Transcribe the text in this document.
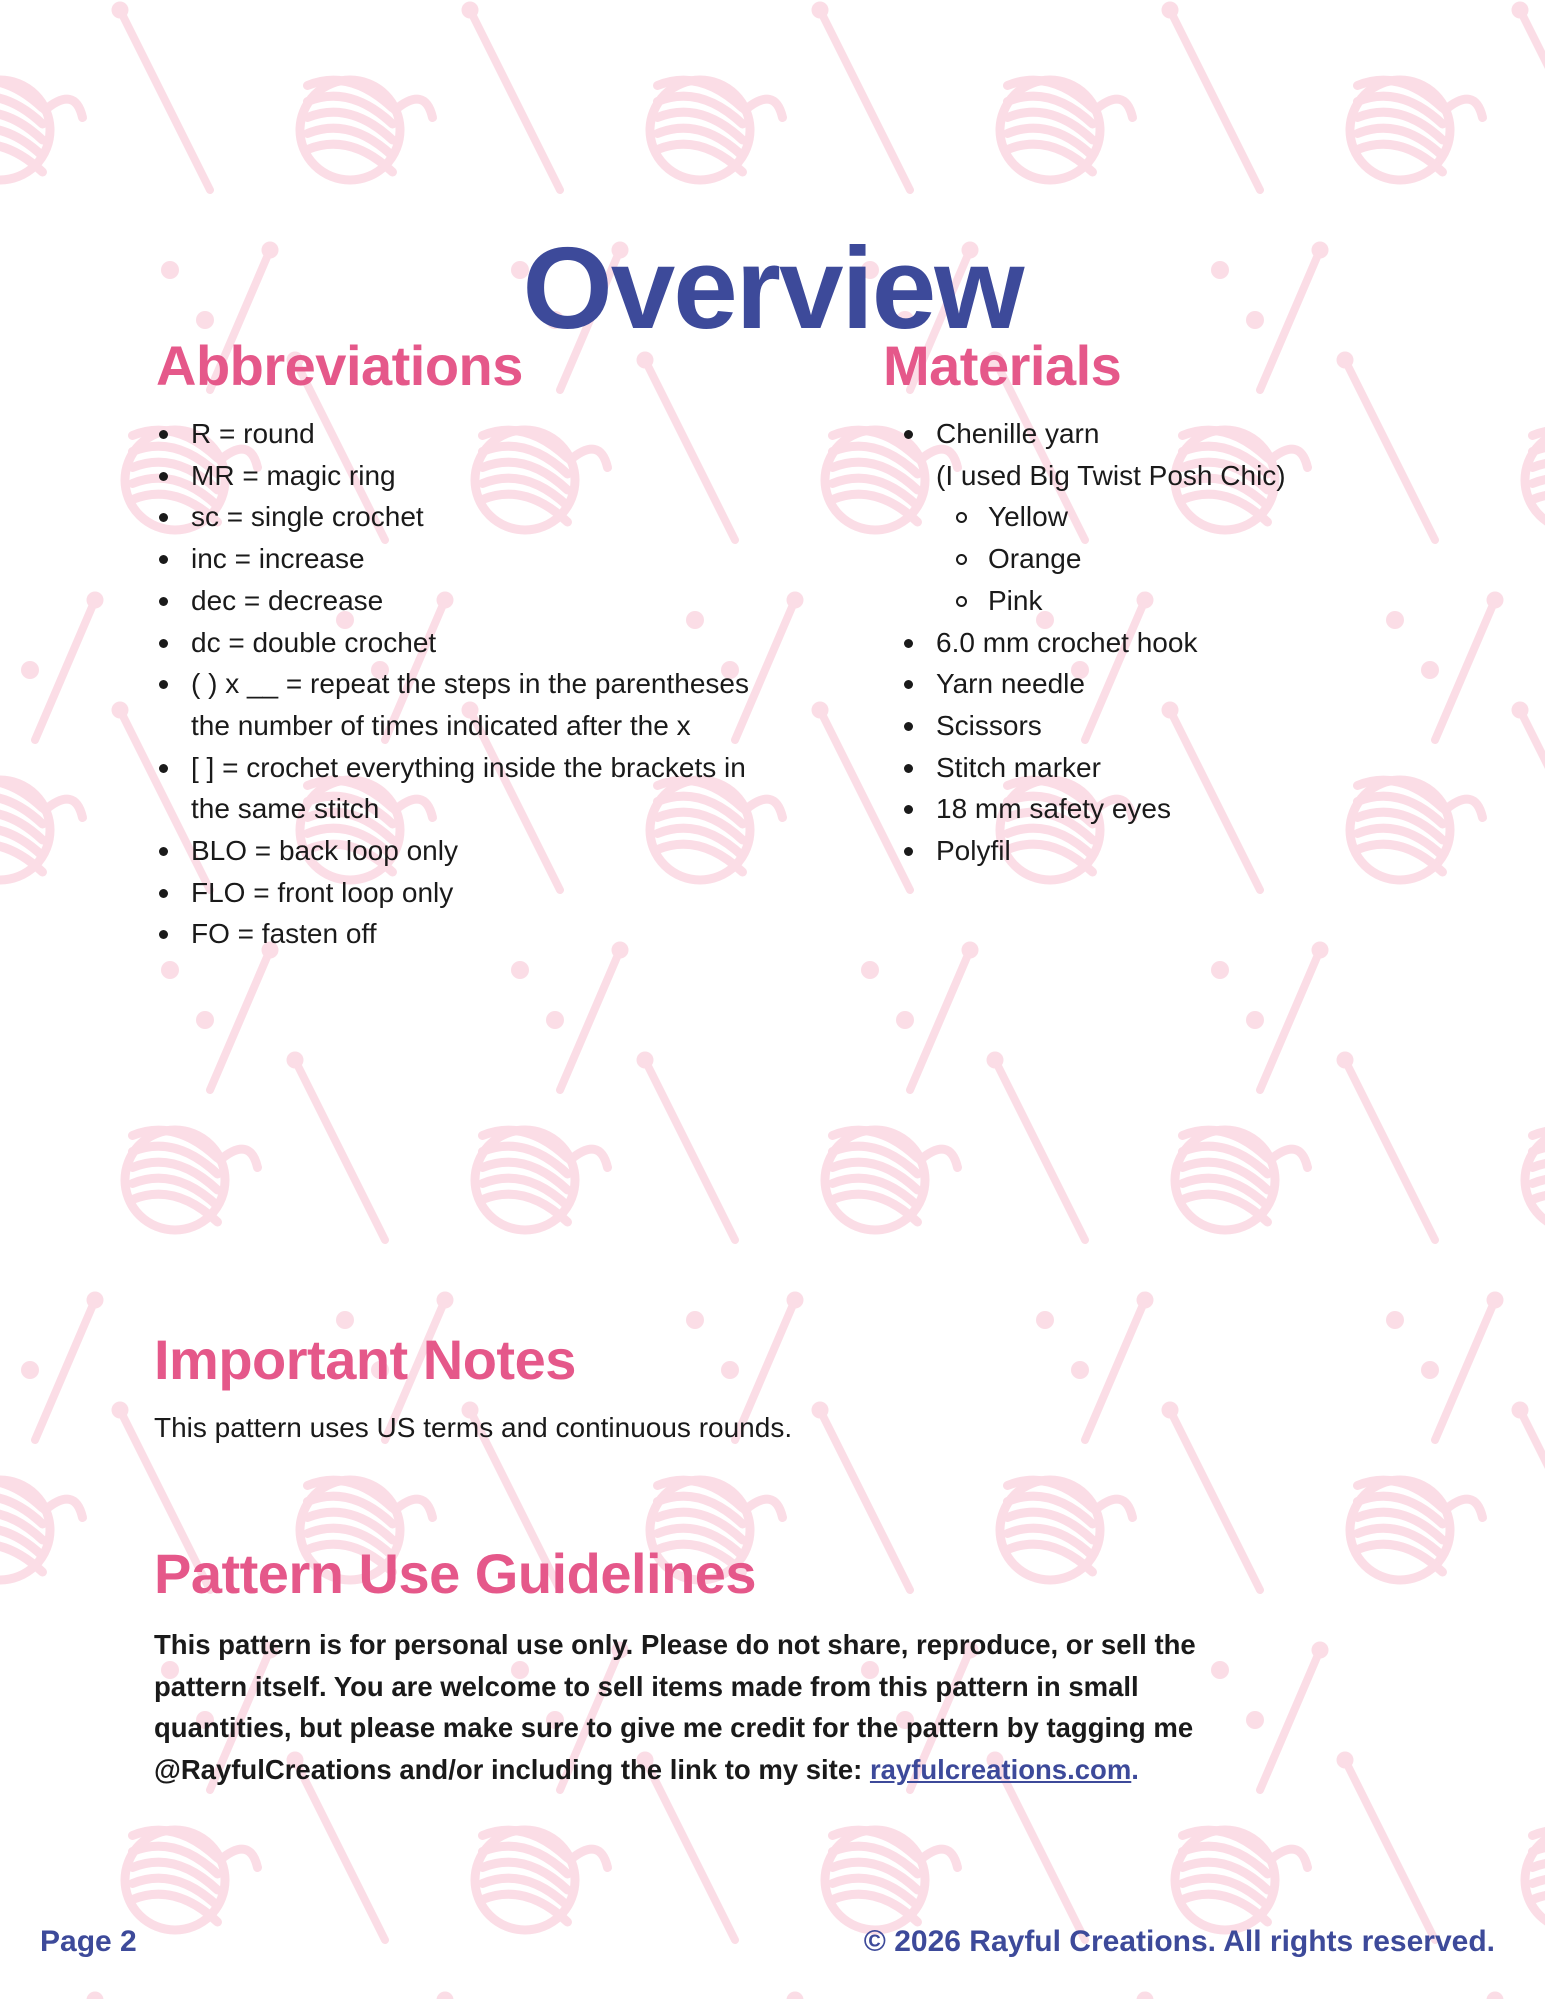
Overview
Abbreviations
R = round
MR = magic ring
sc = single crochet
inc = increase
dec = decrease
dc = double crochet
( ) x __ = repeat the steps in the parentheses
the number of times indicated after the x
[ ] = crochet everything inside the brackets in
the same stitch
BLO = back loop only
FLO = front loop only
FO = fasten off
Materials
Chenille yarn
(I used Big Twist Posh Chic)
Yellow
Orange
Pink
6.0 mm crochet hook
Yarn needle
Scissors
Stitch marker
18 mm safety eyes
Polyfil
Important Notes

This pattern uses US terms and continuous rounds.

Pattern Use Guidelines

This pattern is for personal use only. Please do not share, reproduce, or sell the
pattern itself. You are welcome to sell items made from this pattern in small
quantities, but please make sure to give me credit for the pattern by tagging me
@RayfulCreations and/or including the link to my site: rayfulcreations.com.

Page 2	© 2026 Rayful Creations. All rights reserved.
